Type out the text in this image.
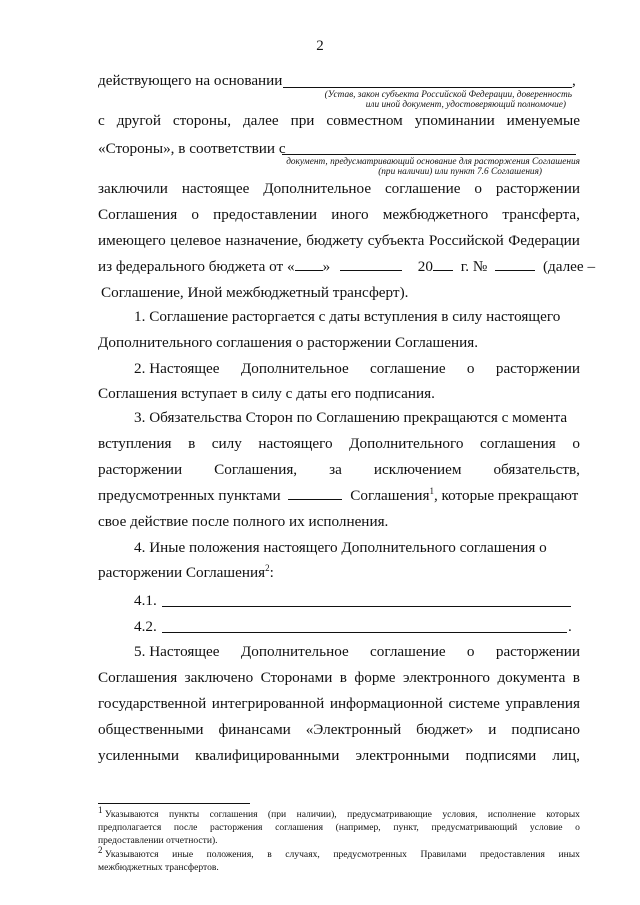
2
действующего на основании	,
(Устав, закон субъекта Российской Федерации, доверенность
или иной документ, удостоверяющий полномочие)
с другой стороны, далее при совместном упоминании именуемые
«Стороны», в соответствии с
документ, предусматривающий основание для расторжения Соглашения
(при наличии) или пункт 7.6 Соглашения)
заключили настоящее Дополнительное соглашение о расторжении
Соглашения о предоставлении иного межбюджетного трансферта,
имеющего целевое назначение, бюджету субъекта Российской Федерации
из федерального бюджета от « »	20 г. №	(далее –
Соглашение, Иной межбюджетный трансферт).
1. Соглашение расторгается с даты вступления в силу настоящего
Дополнительного соглашения о расторжении Соглашения.
2. Настоящее Дополнительное соглашение о расторжении
Соглашения вступает в силу с даты его подписания.
3. Обязательства Сторон по Соглашению прекращаются с момента
вступления в силу настоящего Дополнительного соглашения о
расторжении Соглашения, за исключением обязательств,
предусмотренных пунктами	Соглашения$^1$, которые прекращают
свое действие после полного их исполнения.
4. Иные положения настоящего Дополнительного соглашения о
расторжении Соглашения$^2$:
4.1.
4.2.	.
5. Настоящее Дополнительное соглашение о расторжении
Соглашения заключено Сторонами в форме электронного документа в
государственной интегрированной информационной системе управления
общественными финансами «Электронный бюджет» и подписано
усиленными квалифицированными электронными подписями лиц,
$^1$ Указываются пункты соглашения (при наличии), предусматривающие условия, исполнение которых
предполагается после расторжения соглашения (например, пункт, предусматривающий условие о
предоставлении отчетности).
$^2$ Указываются иные положения, в случаях, предусмотренных Правилами предоставления иных
межбюджетных трансфертов.
